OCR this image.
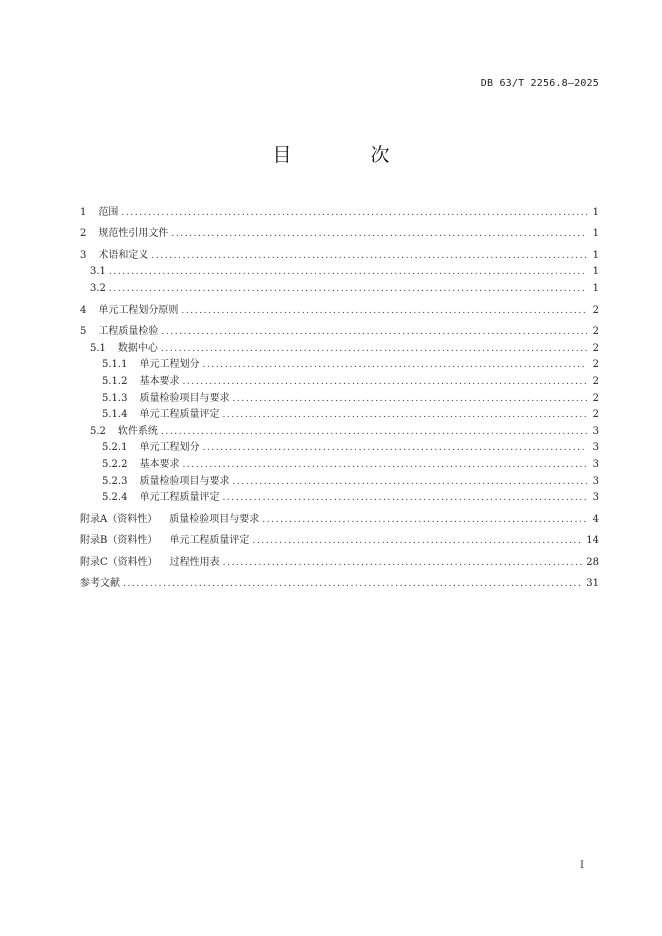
DB 63/T 2256.8—2025
目　次
1 范围 .....	1
2 规范性引用文件 .....	1
3 术语和定义 .....	1
3.1 .....	1
3.2 .....	1
4 单元工程划分原则 .....	2
5 工程质量检验 .....	2
5.1 数据中心 .....	2
5.1.1 单元工程划分 .....	2
5.1.2 基本要求 .....	2
5.1.3 质量检验项目与要求 .....	2
5.1.4 单元工程质量评定 .....	2
5.2 软件系统 .....	3
5.2.1 单元工程划分 .....	3
5.2.2 基本要求 .....	3
5.2.3 质量检验项目与要求 .....	3
5.2.4 单元工程质量评定 .....	3
附录A（资料性） 质量检验项目与要求 .....	4
附录B（资料性） 单元工程质量评定 .....	14
附录C（资料性） 过程性用表 .....	28
参考文献 .....	31
I
